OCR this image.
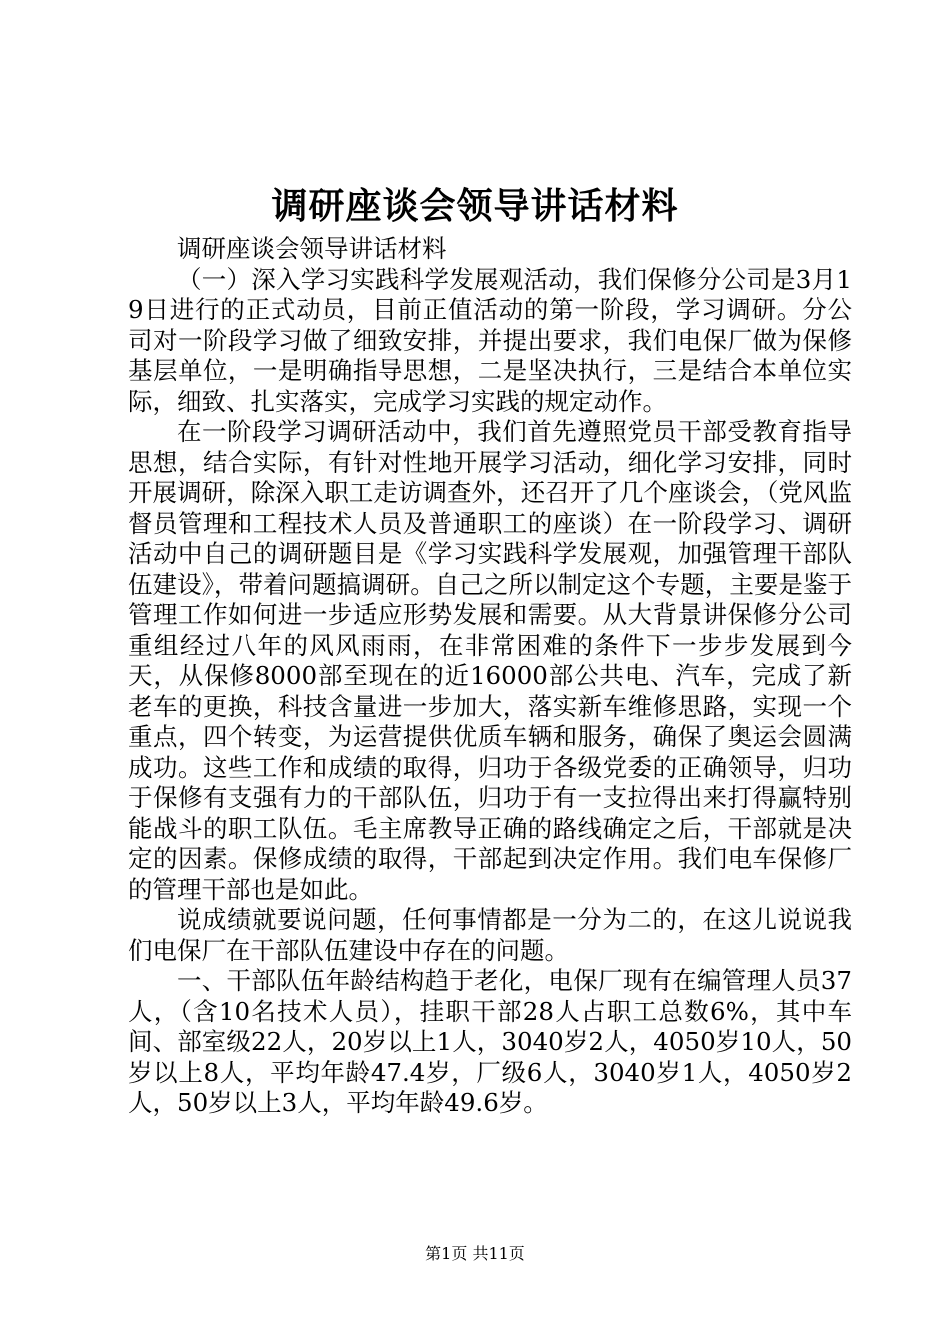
调研座谈会领导讲话材料

调研座谈会领导讲话材料

（一）深入学习实践科学发展观活动，我们保修分公司是3月19日进行的正式动员，目前正值活动的第一阶段，学习调研。分公司对一阶段学习做了细致安排，并提出要求，我们电保厂做为保修基层单位，一是明确指导思想，二是坚决执行，三是结合本单位实际，细致、扎实落实，完成学习实践的规定动作。

在一阶段学习调研活动中，我们首先遵照党员干部受教育指导思想，结合实际，有针对性地开展学习活动，细化学习安排，同时开展调研，除深入职工走访调查外，还召开了几个座谈会，（党风监督员管理和工程技术人员及普通职工的座谈）在一阶段学习、调研活动中自己的调研题目是《学习实践科学发展观，加强管理干部队伍建设》，带着问题搞调研。自己之所以制定这个专题，主要是鉴于管理工作如何进一步适应形势发展和需要。从大背景讲保修分公司重组经过八年的风风雨雨，在非常困难的条件下一步步发展到今天，从保修8000部至现在的近16000部公共电、汽车，完成了新老车的更换，科技含量进一步加大，落实新车维修思路，实现一个重点，四个转变，为运营提供优质车辆和服务，确保了奥运会圆满成功。这些工作和成绩的取得，归功于各级党委的正确领导，归功于保修有支强有力的干部队伍，归功于有一支拉得出来打得赢特别能战斗的职工队伍。毛主席教导正确的路线确定之后，干部就是决定的因素。保修成绩的取得，干部起到决定作用。我们电车保修厂的管理干部也是如此。

说成绩就要说问题，任何事情都是一分为二的，在这儿说说我们电保厂在干部队伍建设中存在的问题。

一、干部队伍年龄结构趋于老化，电保厂现有在编管理人员37人，（含10名技术人员），挂职干部28人占职工总数6%，其中车间、部室级22人，20岁以上1人，3040岁2人，4050岁10人，50岁以上8人，平均年龄47.4岁，厂级6人，3040岁1人，4050岁2人，50岁以上3人，平均年龄49.6岁。

第1页 共11页
